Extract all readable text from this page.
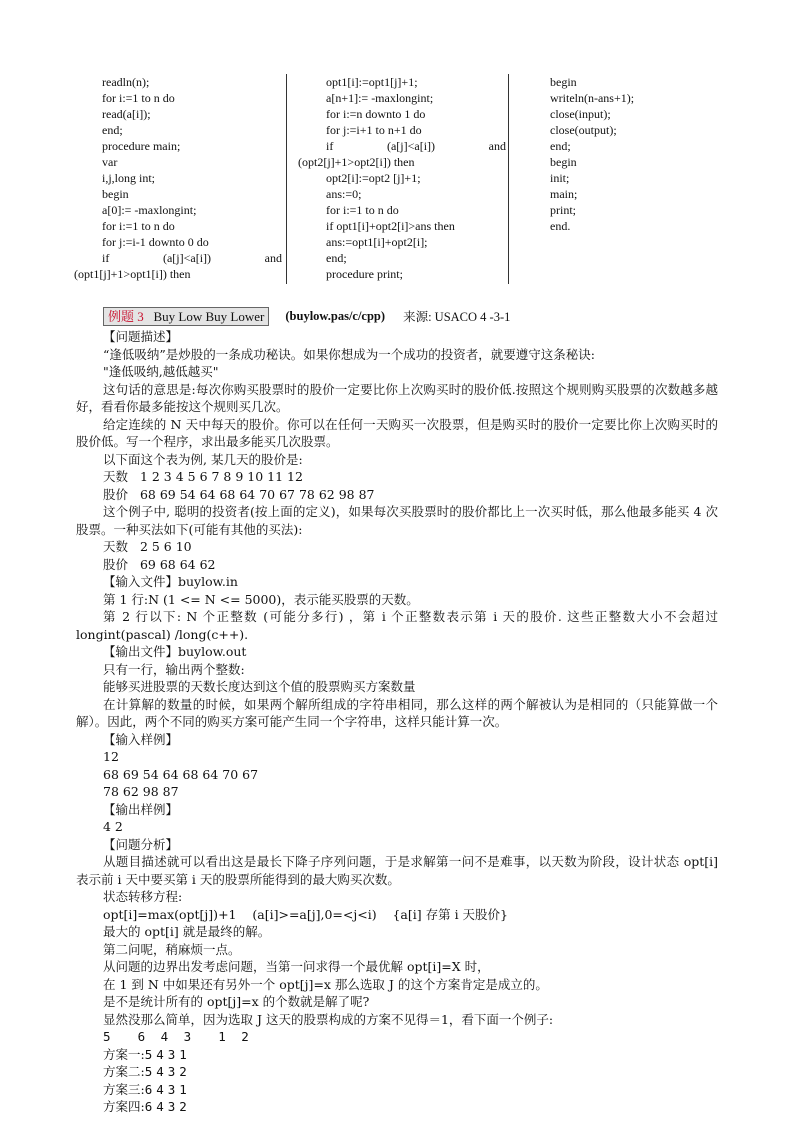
readln(n);
for i:=1 to n do
read(a[i]);
end;
procedure main;
var
i,j,long int;
begin
a[0]:= -maxlongint;
for i:=1 to n do
for j:=i-1 downto 0 do
if	(a[j]<a[i])	and
(opt1[j]+1>opt1[i]) then
opt1[i]:=opt1[j]+1;
a[n+1]:= -maxlongint;
for i:=n downto 1 do
for j:=i+1 to n+1 do
if	(a[j]<a[i])	and
(opt2[j]+1>opt2[i]) then
opt2[i]:=opt2 [j]+1;
ans:=0;
for i:=1 to n do
if opt1[i]+opt2[i]>ans then
ans:=opt1[i]+opt2[i];
end;
procedure print;
begin
writeln(n-ans+1);
close(input);
close(output);
end;
begin
init;
main;
print;
end.
例题 3 Buy Low Buy Lower	(buylow.pas/c/cpp) 来源: USACO 4 -3-1
【问题描述】
“逢低吸纳”是炒股的一条成功秘诀。如果你想成为一个成功的投资者，就要遵守这条秘诀:
"逢低吸纳,越低越买"
这句话的意思是:每次你购买股票时的股价一定要比你上次购买时的股价低.按照这个规则购买股票的次数越多越好，看看你最多能按这个规则买几次。
给定连续的 N 天中每天的股价。你可以在任何一天购买一次股票，但是购买时的股价一定要比你上次购买时的股价低。写一个程序，求出最多能买几次股票。
以下面这个表为例, 某几天的股价是:
天数 1 2 3 4 5 6 7 8 9 10 11 12
股价 68 69 54 64 68 64 70 67 78 62 98 87
这个例子中, 聪明的投资者(按上面的定义)，如果每次买股票时的股价都比上一次买时低，那么他最多能买 4 次股票。一种买法如下(可能有其他的买法):
天数 2 5 6 10
股价 69 68 64 62
【输入文件】buylow.in
第 1 行:N (1 <= N <= 5000)，表示能买股票的天数。
第 2 行以下: N 个正整数 (可能分多行) ，第 i 个正整数表示第 i 天的股价. 这些正整数大小不会超过longint(pascal) /long(c++).
【输出文件】buylow.out
只有一行，输出两个整数:
能够买进股票的天数长度达到这个值的股票购买方案数量
在计算解的数量的时候，如果两个解所组成的字符串相同，那么这样的两个解被认为是相同的（只能算做一个解）。因此，两个不同的购买方案可能产生同一个字符串，这样只能计算一次。
【输入样例】
12
68 69 54 64 68 64 70 67
78 62 98 87
【输出样例】
4 2
【问题分析】
从题目描述就可以看出这是最长下降子序列问题，于是求解第一问不是难事，以天数为阶段，设计状态 opt[i] 表示前 i 天中要买第 i 天的股票所能得到的最大购买次数。
状态转移方程:
opt[i]=max(opt[j])+1    (a[i]>=a[j],0=<j<i)    {a[i] 存第 i 天股价}
最大的 opt[i] 就是最终的解。
第二问呢，稍麻烦一点。
从问题的边界出发考虑问题，当第一问求得一个最优解 opt[i]=X 时，
在 1 到 N 中如果还有另外一个 opt[j]=x 那么选取 J 的这个方案肯定是成立的。
是不是统计所有的 opt[j]=x 的个数就是解了呢?
显然没那么简单，因为选取 J 这天的股票构成的方案不见得＝1，看下面一个例子:
5  6 4 3  1 2
方案一:5431
方案二:5432
方案三:6431
方案四:6432
